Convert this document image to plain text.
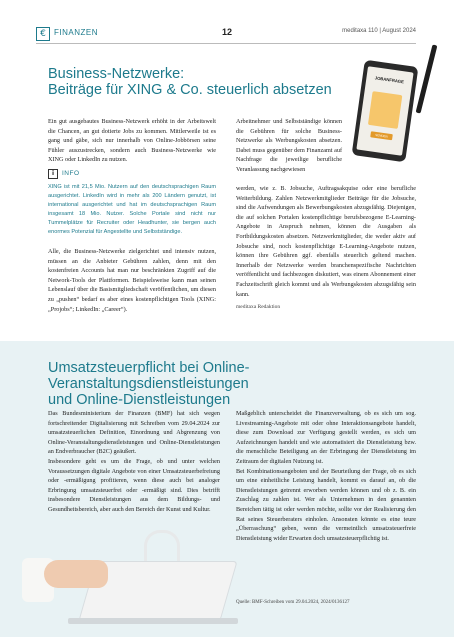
€	FINANZEN	12	meditaxa 110 | August 2024
Business-Netzwerke:
Beiträge für XING & Co. steuerlich absetzen

Ein gut ausgebautes Business-Netzwerk erhöht in der Arbeitswelt die Chancen, an gut dotierte Jobs zu kommen. Mittlerweile ist es gang und gäbe, sich nur innerhalb von Online-Jobbörsen seine Fühler auszustrecken, sondern auch Business-Netzwerke wie XING oder LinkedIn zu nutzen.

i	INFO

XING ist mit 21,5 Mio. Nutzern auf den deutschsprachigen Raum ausgerichtet. LinkedIn wird in mehr als 200 Ländern genutzt, ist international ausgerichtet und hat im deutschsprachigen Raum insgesamt 18 Mio. Nutzer. Solche Portale sind nicht nur Tummelplätze für Recruiter oder Headhunter, sie bergen auch enormes Potenzial für Angestellte und Selbstständige.

Alle, die Business-Netzwerke zielgerichtet und intensiv nutzen, müssen an die Anbieter Gebühren zahlen, denn mit den kostenfreien Accounts hat man nur beschränkten Zugriff auf die Network-Tools der Plattformen. Beispielsweise kann man seinen Lebenslauf über die Basismitgliedschaft veröffentlichen, um diesen zu „pushen“ bedarf es aber eines kostenpflichtigen Tools (XING: „Projobs“; LinkedIn: „Career“).

Arbeitnehmer und Selbstständige können die Gebühren für solche Business-Netzwerke als Werbungskosten absetzen. Dabei muss gegenüber dem Finanzamt auf Nachfrage die jeweilige berufliche Veranlassung nachgewiesen

werden, wie z. B. Jobsuche, Auftragsakquise oder eine berufliche Weiterbildung. Zahlen Netzwerkmitglieder Beiträge für die Jobsuche, sind die Aufwendungen als Bewerbungskosten abzugsfähig. Diejenigen, die auf solchen Portalen kostenpflichtige berufsbezogene E-Learning-Angebote in Anspruch nehmen, können die Ausgaben als Fortbildungskosten absetzen. Netzwerkmitglieder, die weder aktiv auf Jobsuche sind, noch kostenpflichtige E-Learning-Angebote nutzen, können ihre Gebühren ggf. ebenfalls steuerlich geltend machen. Innerhalb der Netzwerke werden branchenspezifische Nachrichten veröffentlicht und fachbezogen diskutiert, was einem Abonnement einer Fachzeitschrift gleich kommt und als Werbungskosten abzugsfähig sein kann.

meditaxa Redaktion
JOBANFRAGE
SENDEN
Umsatzsteuerpflicht bei Online-Veranstaltungsdienstleistungen
und Online-Dienstleistungen

Das Bundesministerium der Finanzen (BMF) hat sich wegen fortschreitender Digitalisierung mit Schreiben vom 29.04.2024 zur umsatzsteuerlichen Definition, Einordnung und Abgrenzung von Online-Veranstaltungsdienstleistungen und Online-Dienstleistungen an Endverbraucher (B2C) geäußert.

Insbesondere geht es um die Frage, ob und unter welchen Voraussetzungen digitale Angebote von einer Umsatzsteuerbefreiung oder -ermäßigung profitieren, wenn diese auch bei analoger Erbringung umsatzsteuerfrei oder -ermäßigt sind. Dies betrifft insbesondere Dienstleistungen aus dem Bildungs- und Gesundheitsbereich, aber auch den Bereich der Kunst und Kultur.

Maßgeblich unterscheidet die Finanzverwaltung, ob es sich um sog. Livestreaming-Angebote mit oder ohne Interaktionsangebote handelt, diese zum Download zur Verfügung gestellt werden, es sich um Aufzeichnungen handelt und wie automatisiert die Dienstleistung bzw. die menschliche Beteiligung an der Erbringung der Dienstleistung im Zeitraum der digitalen Nutzung ist.

Bei Kombinationsangeboten und der Beurteilung der Frage, ob es sich um eine einheitliche Leistung handelt, kommt es darauf an, ob die Dienstleistungen getrennt erworben werden können und ob z. B. ein Zuschlag zu zahlen ist. Wer als Unternehmen in den genannten Bereichen tätig ist oder werden möchte, sollte vor der Realisierung den Rat seines Steuerberaters einholen. Ansonsten könnte es eine teure „Überraschung“ geben, wenn die vermeintlich umsatzsteuerfreie Dienstleistung wider Erwarten doch umsatzsteuerpflichtig ist.

Quelle: BMF-Schreiben vom 29.04.2024, 2024/0136127
